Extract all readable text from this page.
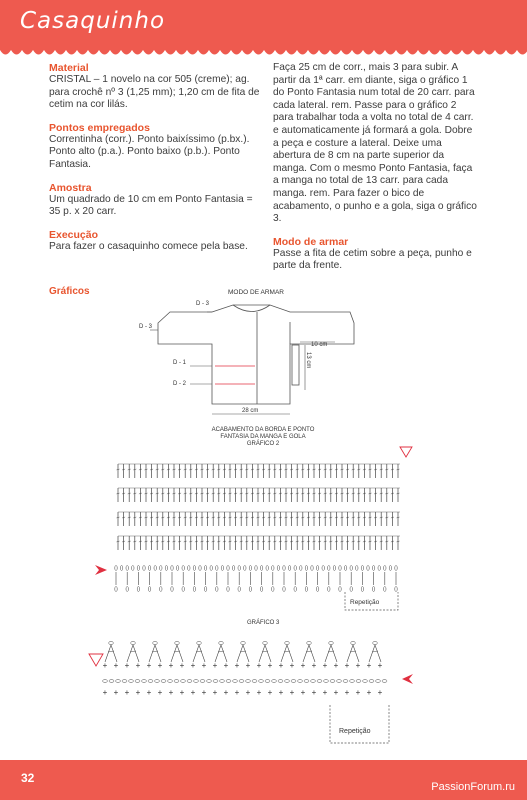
Casaquinho
Material

CRISTAL – 1 novelo na cor 505 (creme); ag. para crochê nº 3 (1,25 mm); 1,20 cm de fita de cetim na cor lilás.

Pontos empregados

Correntinha (corr.). Ponto baixíssimo (p.bx.). Ponto alto (p.a.). Ponto baixo (p.b.). Ponto Fantasia.

Amostra

Um quadrado de 10 cm em Ponto Fantasia = 35 p. x 20 carr.

Execução

Para fazer o casaquinho comece pela base.

Faça 25 cm de corr., mais 3 para subir. A partir da 1ª carr. em diante, siga o gráfico 1 do Ponto Fantasia num total de 20 carr. para cada lateral. rem. Passe para o gráfico 2 para trabalhar toda a volta no total de 4 carr. e automaticamente já formará a gola. Dobre a peça e costure a lateral. Deixe uma abertura de 8 cm na parte superior da manga. Com o mesmo Ponto Fantasia, faça a manga no total de 13 carr. para cada manga. rem. Para fazer o bico de acabamento, o punho e a gola, siga o gráfico 3.

Modo de armar

Passe a fita de cetim sobre a peça, punho e parte da frente.

Gráficos	MODO DE ARMAR
D - 3
D - 3
D - 1
D - 2
28 cm
10 cm
13 cm
ACABAMENTO DA BORDA E PONTO
FANTASIA DA MANGA E GOLA
GRÁFICO 2
Repetição
GRÁFICO 3
+ + + + + + + + + + + + + + + + + + + + + + + + + +
+ + + + + + + + + + + + + + + + + + + + + + + + + +
Repetição
32
PassionForum.ru
